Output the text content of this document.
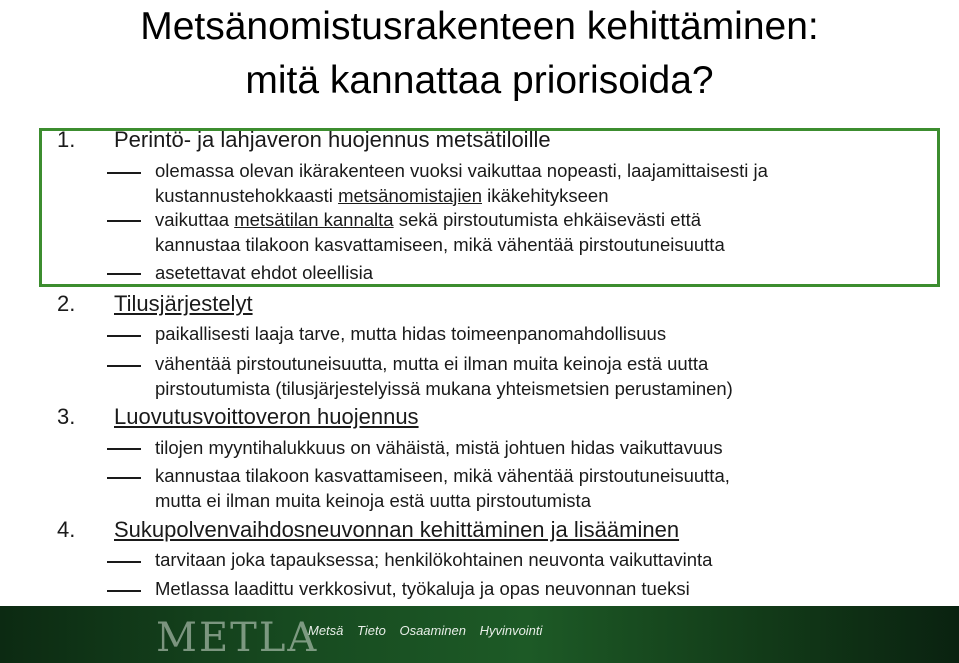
Metsänomistusrakenteen kehittäminen:
mitä kannattaa priorisoida?
1. Perintö- ja lahjaveron huojennus metsätiloille
olemassa olevan ikärakenteen vuoksi vaikuttaa nopeasti, laajamittaisesti ja
kustannustehokkaasti metsänomistajien ikäkehitykseen
vaikuttaa metsätilan kannalta sekä pirstoutumista ehkäisevästi että
kannustaa tilakoon kasvattamiseen, mikä vähentää pirstoutuneisuutta
asetettavat ehdot oleellisia
2. Tilusjärjestelyt
paikallisesti laaja tarve, mutta hidas toimeenpanomahdollisuus
vähentää pirstoutuneisuutta, mutta ei ilman muita keinoja estä uutta
pirstoutumista (tilusjärjestelyissä mukana yhteismetsien perustaminen)
3. Luovutusvoittoveron huojennus
tilojen myyntihalukkuus on vähäistä, mistä johtuen hidas vaikuttavuus
kannustaa tilakoon kasvattamiseen, mikä vähentää pirstoutuneisuutta,
mutta ei ilman muita keinoja estä uutta pirstoutumista
4. Sukupolvenvaihdosneuvonnan kehittäminen ja lisääminen
tarvitaan joka tapauksessa; henkilökohtainen neuvonta vaikuttavinta
Metlassa laadittu verkkosivut, työkaluja ja opas neuvonnan tueksi
METLA
Metsä Tieto Osaaminen Hyvinvointi
